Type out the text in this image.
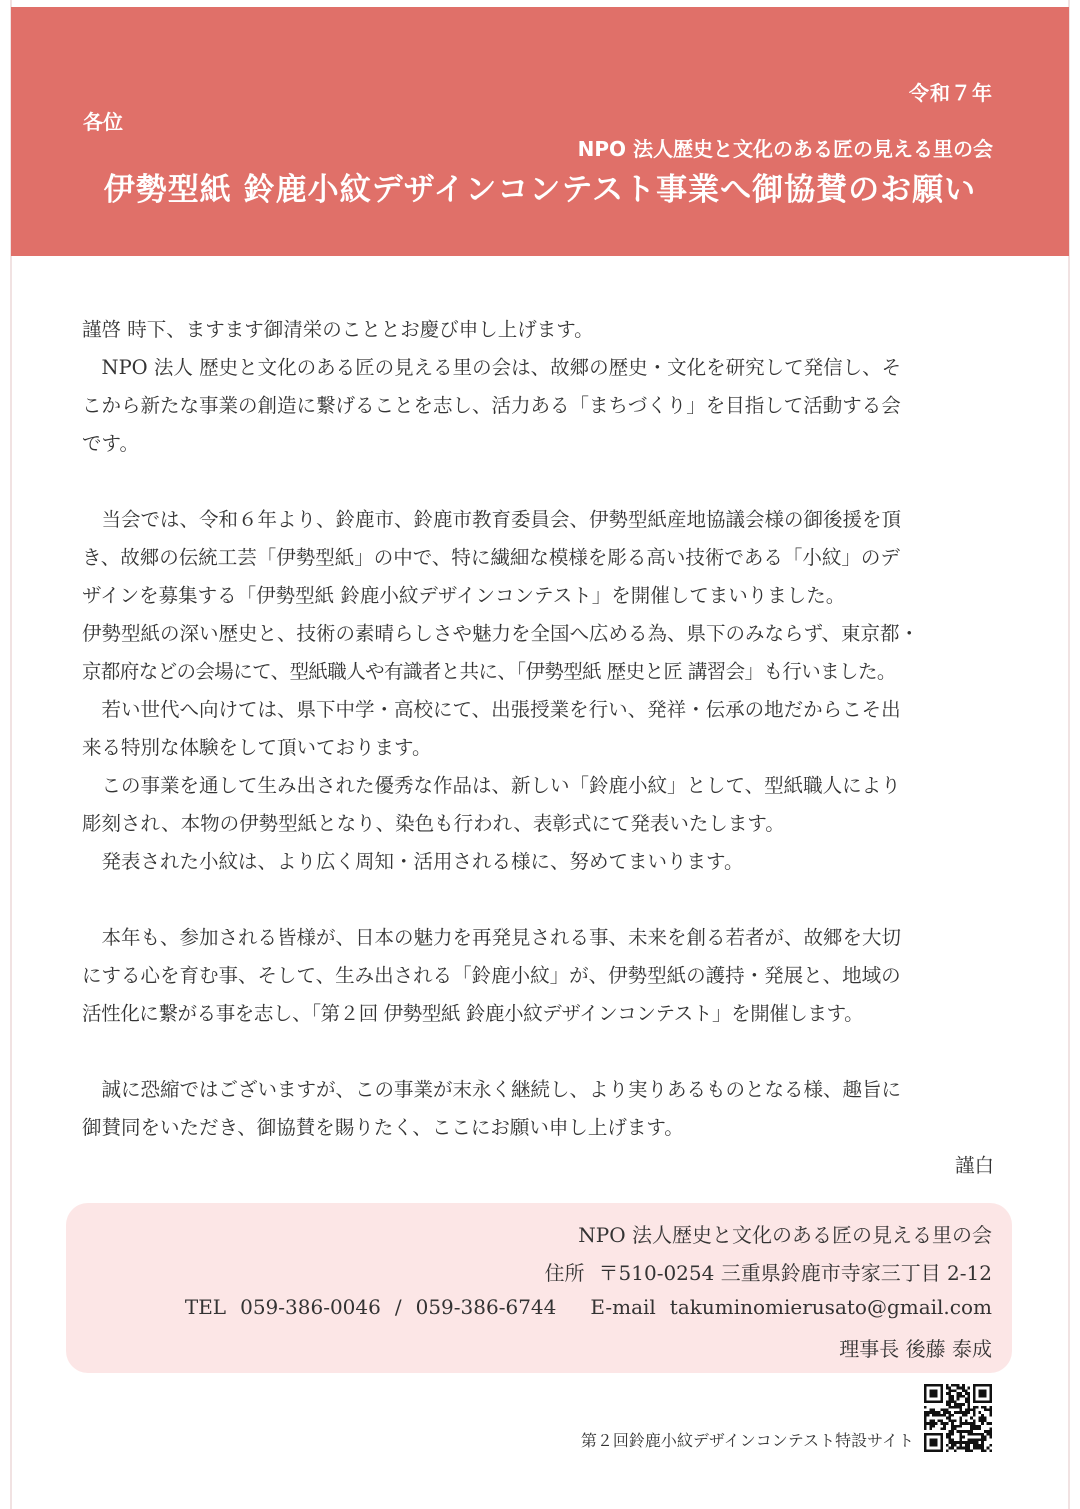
令和７年
各位
NPO 法人歴史と文化のある匠の見える里の会
伊勢型紙 鈴鹿小紋デザインコンテスト事業へ御協賛のお願い

謹啓 時下、ますます御清栄のこととお慶び申し上げます。

　NPO 法人 歴史と文化のある匠の見える里の会は、故郷の歴史・文化を研究して発信し、そ

こから新たな事業の創造に繋げることを志し、活力ある「まちづくり」を目指して活動する会

です。

　当会では、令和６年より、鈴鹿市、鈴鹿市教育委員会、伊勢型紙産地協議会様の御後援を頂

き、故郷の伝統工芸「伊勢型紙」の中で、特に繊細な模様を彫る高い技術である「小紋」のデ

ザインを募集する「伊勢型紙 鈴鹿小紋デザインコンテスト」を開催してまいりました。

伊勢型紙の深い歴史と、技術の素晴らしさや魅力を全国へ広める為、県下のみならず、東京都・

京都府などの会場にて、型紙職人や有識者と共に、「伊勢型紙 歴史と匠 講習会」も行いました。

　若い世代へ向けては、県下中学・高校にて、出張授業を行い、発祥・伝承の地だからこそ出

来る特別な体験をして頂いております。

　この事業を通して生み出された優秀な作品は、新しい「鈴鹿小紋」として、型紙職人により

彫刻され、本物の伊勢型紙となり、染色も行われ、表彰式にて発表いたします。

　発表された小紋は、より広く周知・活用される様に、努めてまいります。

　本年も、参加される皆様が、日本の魅力を再発見される事、未来を創る若者が、故郷を大切

にする心を育む事、そして、生み出される「鈴鹿小紋」が、伊勢型紙の護持・発展と、地域の

活性化に繋がる事を志し、「第２回 伊勢型紙 鈴鹿小紋デザインコンテスト」を開催します。

　誠に恐縮ではございますが、この事業が末永く継続し、より実りあるものとなる様、趣旨に

御賛同をいただき、御協賛を賜りたく、ここにお願い申し上げます。

謹白

NPO 法人歴史と文化のある匠の見える里の会
住所 〒510-0254 三重県鈴鹿市寺家三丁目 2-12
TEL 059-386-0046 / 059-386-6744 E-mail takuminomierusato@gmail.com
理事長 後藤 泰成
第２回鈴鹿小紋デザインコンテスト特設サイト
